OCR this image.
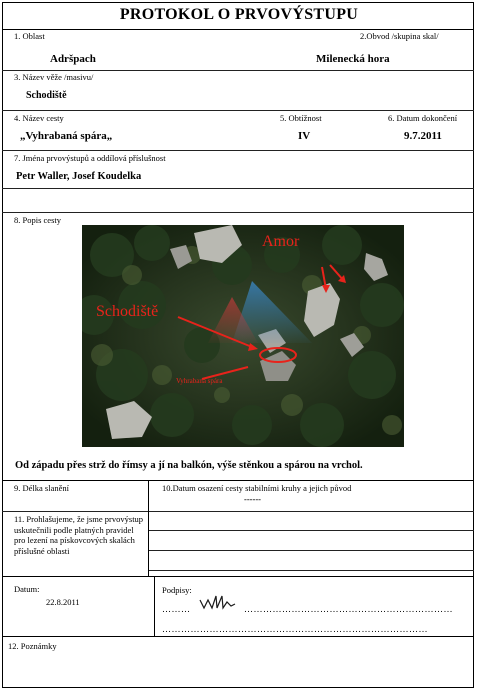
PROTOKOL O PRVOVÝSTUPU
1. Oblast	2.Obvod /skupina skal/
Adršpach	Milenecká hora
3. Název věže /masivu/
Schodiště
4. Název cesty	5. Obtížnost	6. Datum dokončení
„Vyhrabaná spára„	IV	9.7.2011
7. Jména prvovýstupů a oddílová příslušnost
Petr Waller, Josef Koudelka
8. Popis cesty
Amor
Schodiště
Vyhrabaná spára
Od západu přes strž do římsy a jí na balkón, výše stěnkou a spárou na vrchol.
9. Délka slanění	10.Datum osazení cesty stabilními kruhy a jejich původ
------
11. Prohlašujeme, že jsme prvovýstup uskutečnili podle platných pravidel pro lezení na pískovcových skalách příslušné oblasti
Datum:
22.8.2011
Podpisy:
………	…………………………………………………………
…………………………………………………………………………
12. Poznámky
